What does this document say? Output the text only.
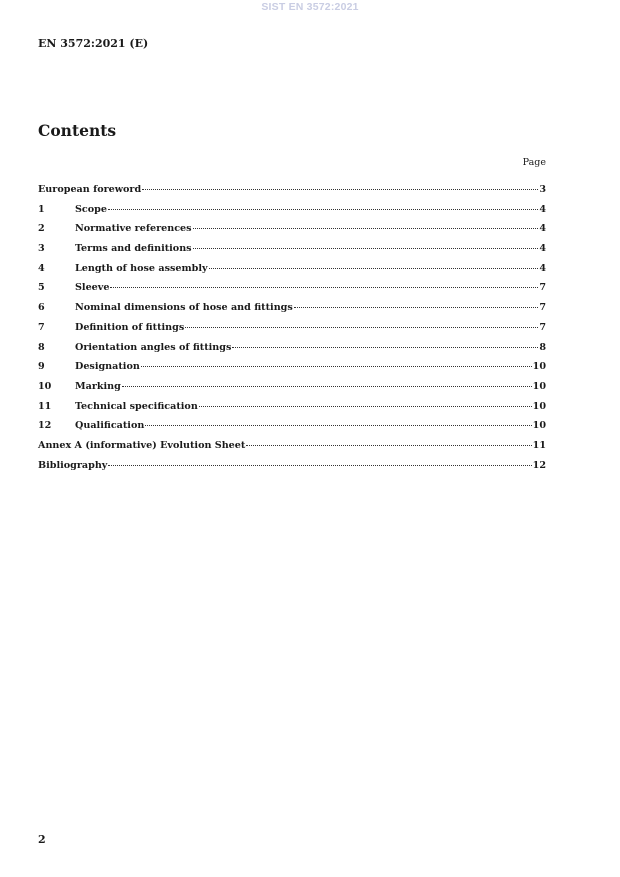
SIST EN 3572:2021
EN 3572:2021 (E)
Contents
Page
European foreword	3
1	Scope	4
2	Normative references	4
3	Terms and definitions	4
4	Length of hose assembly	4
5	Sleeve	7
6	Nominal dimensions of hose and fittings	7
7	Definition of fittings	7
8	Orientation angles of fittings	8
9	Designation	10
10	Marking	10
11	Technical specification	10
12	Qualification	10
Annex A (informative) Evolution Sheet	11
Bibliography	12
2
